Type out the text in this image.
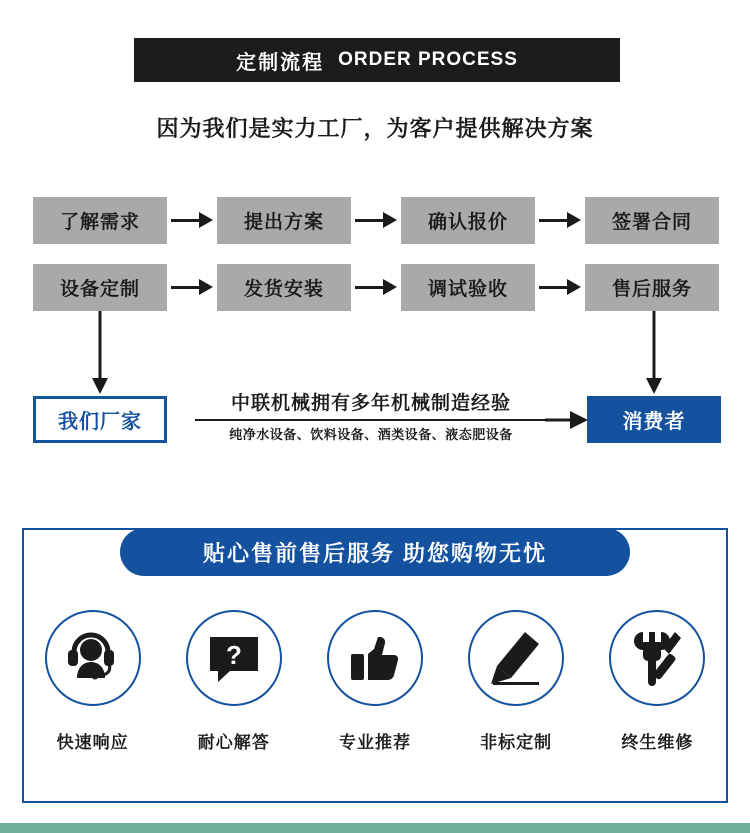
定制流程 ORDER PROCESS
因为我们是实力工厂，为客户提供解决方案
了解需求	提出方案	确认报价	签署合同
设备定制	发货安装	调试验收	售后服务
我们厂家
中联机械拥有多年机械制造经验
纯净水设备、饮料设备、酒类设备、液态肥设备
消费者
贴心售前售后服务 助您购物无忧
快速响应
?
耐心解答	专业推荐	非标定制	终生维修
